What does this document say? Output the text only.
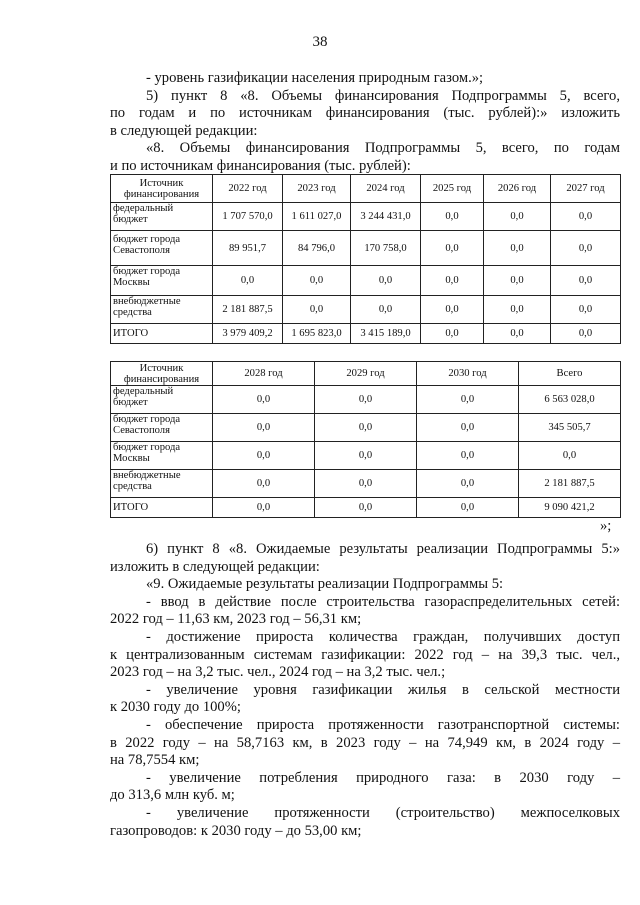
38
- уровень газификации населения природным газом.»;
5) пункт 8 «8. Объемы финансирования Подпрограммы 5, всего,
по годам и по источникам финансирования (тыс. рублей):» изложить
в следующей редакции:
«8. Объемы финансирования Подпрограммы 5, всего, по годам
и по источникам финансирования (тыс. рублей):
Источник финансирования	2022 год	2023 год	2024 год	2025 год	2026 год	2027 год
федеральный бюджет	1 707 570,0	1 611 027,0	3 244 431,0	0,0	0,0	0,0
бюджет города Севастополя	89 951,7	84 796,0	170 758,0	0,0	0,0	0,0
бюджет города Москвы	0,0	0,0	0,0	0,0	0,0	0,0
внебюджетные средства	2 181 887,5	0,0	0,0	0,0	0,0	0,0
ИТОГО	3 979 409,2	1 695 823,0	3 415 189,0	0,0	0,0	0,0
Источник финансирования	2028 год	2029 год	2030 год	Всего
федеральный бюджет	0,0	0,0	0,0	6 563 028,0
бюджет города Севастополя	0,0	0,0	0,0	345 505,7
бюджет города Москвы	0,0	0,0	0,0	0,0
внебюджетные средства	0,0	0,0	0,0	2 181 887,5
ИТОГО	0,0	0,0	0,0	9 090 421,2
»;
6) пункт 8 «8. Ожидаемые результаты реализации Подпрограммы 5:»
изложить в следующей редакции:
«9. Ожидаемые результаты реализации Подпрограммы 5:
- ввод в действие после строительства газораспределительных сетей:
2022 год – 11,63 км, 2023 год – 56,31 км;
- достижение прироста количества граждан, получивших доступ
к централизованным системам газификации: 2022 год – на 39,3 тыс. чел.,
2023 год – на 3,2 тыс. чел., 2024 год – на 3,2 тыс. чел.;
- увеличение уровня газификации жилья в сельской местности
к 2030 году до 100%;
- обеспечение прироста протяженности газотранспортной системы:
в 2022 году – на 58,7163 км, в 2023 году – на 74,949 км, в 2024 году –
на 78,7554 км;
- увеличение потребления природного газа: в 2030 году –
до 313,6 млн куб. м;
- увеличение протяженности (строительство) межпоселковых
газопроводов: к 2030 году – до 53,00 км;
